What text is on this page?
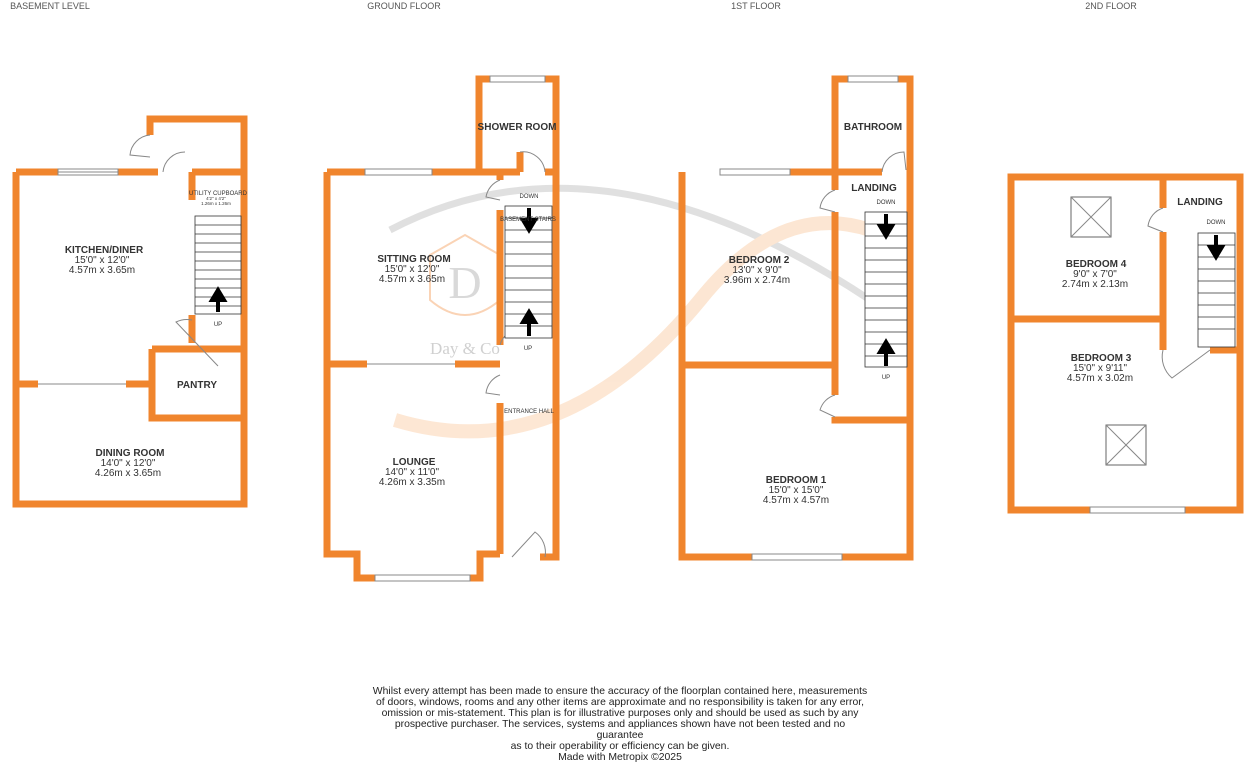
D
Day & Co
BASEMENT LEVEL	GROUND FLOOR	1ST FLOOR	2ND FLOOR
KITCHEN/DINER
15'0" x 12'0"
4.57m x 3.65m
UTILITY CUPBOARD
4'2" x 4'2"
1.26m x 1.26m
UP
PANTRY
DINING ROOM
14'0" x 12'0"
4.26m x 3.65m
SHOWER ROOM
DOWN
BASEMENT STAIRS
UP
SITTING ROOM
15'0" x 12'0"
4.57m x 3.65m
ENTRANCE HALL
LOUNGE
14'0" x 11'0"
4.26m x 3.35m
BATHROOM
LANDING
DOWN
UP
BEDROOM 2
13'0" x 9'0"
3.96m x 2.74m
BEDROOM 1
15'0" x 15'0"
4.57m x 4.57m
LANDING
DOWN
BEDROOM 4
9'0" x 7'0"
2.74m x 2.13m
BEDROOM 3
15'0" x 9'11"
4.57m x 3.02m
Whilst every attempt has been made to ensure the accuracy of the floorplan contained here, measurements
of doors, windows, rooms and any other items are approximate and no responsibility is taken for any error,
omission or mis-statement. This plan is for illustrative purposes only and should be used as such by any
prospective purchaser. The services, systems and appliances shown have not been tested and no guarantee
as to their operability or efficiency can be given.
Made with Metropix ©2025
